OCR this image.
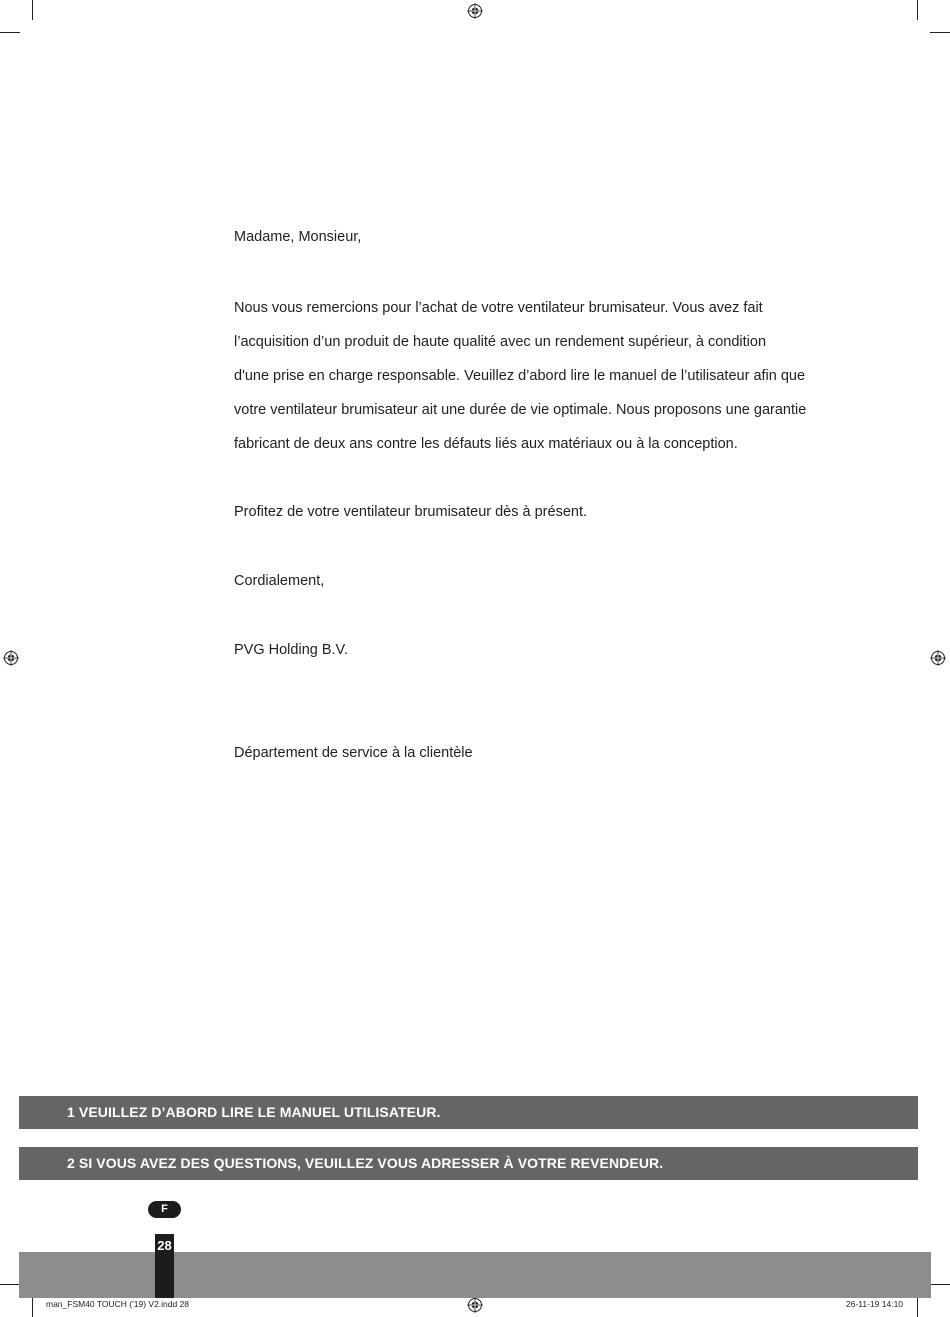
Madame, Monsieur,

Nous vous remercions pour l’achat de votre ventilateur brumisateur. Vous avez fait

l’acquisition d’un produit de haute qualité avec un rendement supérieur, à condition

d'une prise en charge responsable. Veuillez d’abord lire le manuel de l’utilisateur afin que

votre ventilateur brumisateur ait une durée de vie optimale. Nous proposons une garantie

fabricant de deux ans contre les défauts liés aux matériaux ou à la conception.

Profitez de votre ventilateur brumisateur dès à présent.

Cordialement,

PVG Holding B.V.

Département de service à la clientèle

1 VEUILLEZ D’ABORD LIRE LE MANUEL UTILISATEUR.
2 SI VOUS AVEZ DES QUESTIONS, VEUILLEZ VOUS ADRESSER À VOTRE REVENDEUR.
F
28
man_FSM40 TOUCH ('19) V2.indd 28	26-11-19 14:10
